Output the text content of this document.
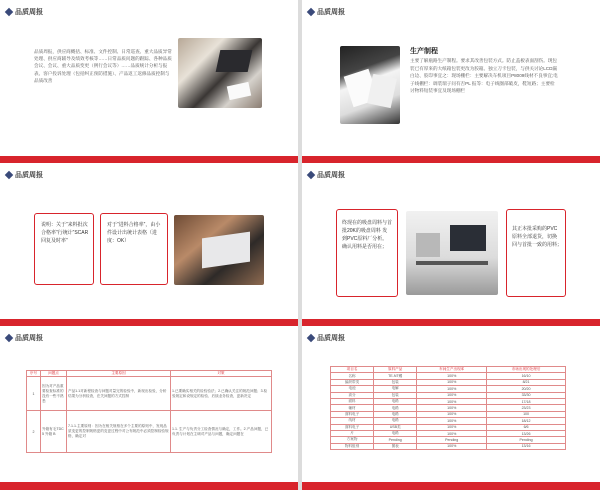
品质周报
品质周报，供应商概括、标准、文件控制、日常巡查、重大品质异常处理、供应商辅导及绩效考核等……日常品质问题的跟踪、各种品质会议、会议、重大品质变更（例行会议等）……品质统计分析与报表、客户投诉处理（包括纠正预防措施）、产品返工返修品质控制与品质改善
品质周报
生产制程
主要了解瓶路生产制程。要求其改善包装方式。防止盖板表面刮伤。现包装已有厚來的大纸箱包装更改为胶箱。独立刀卡包装，与供关讨论LCD漏白边、胶印事宜之：现场棚栏：主要解决车机项目P8009线材不良事宜;电子线棚栏：调装瑞子问有否PL 报等：电子线圈部破皮，鞋短路；主要检讨物料短装事宜及现场棚栏
品质周报
说明：关于“来料批次合格率”行统计“SCAR回复及时率”
对于“进料合格率”，由小件设计出统计表格（进度：OK）
品质周报
终现在的吸盘周料与首批20K的吸盘周料 发到PVC原料厂分析。确认用料是否用在；
其正本批采购的PVC原料全部退货，切换 回与首批一致的用料；
品质周报
序号	问题点	主要原因	对策
1	因为对产品重要检查标准的没有一些不熟悉	产品1.1对新程检查与问题对量完的检验中，新现出检验，分析结果为分析检查，在关问题的方式控制	1.已要确实相关的检验验法；2.已确认关注的规范问题；3.检验规定和设规定的检验、后续业务检查，更新决定
2	外箱有毛TDC 5 外箱 B	7.1.1.主要原则：因为在相关规格在多个主要的原则中，发现品质变更的控制规格更的变更过程中对公布规范中必须控制检验规格，确定对	1.1. 生产与负责分工检查情况与确定，工作。2.产品问题，已负责与计划在主调对产品与问题，确定问题在
品质周报
项目名	原料产品	车间生产出现率	市场出现的处理后
名称	TE-NT螺	100%	16/10
编织带类	包装	100%	8/21
电池	电解	100%	20/20
高分	包装	100%	33/30
面料	电路	100%	17/18
辅材	电路	100%	23/23
面料电子	电路	100%	100
线材	电路	100%	18/12
面料电子	USB类	100%	6/6
片	电路	100%	13/26
方案物	Pending	Pending	Pending
物料组别	图表	100%	13/16
